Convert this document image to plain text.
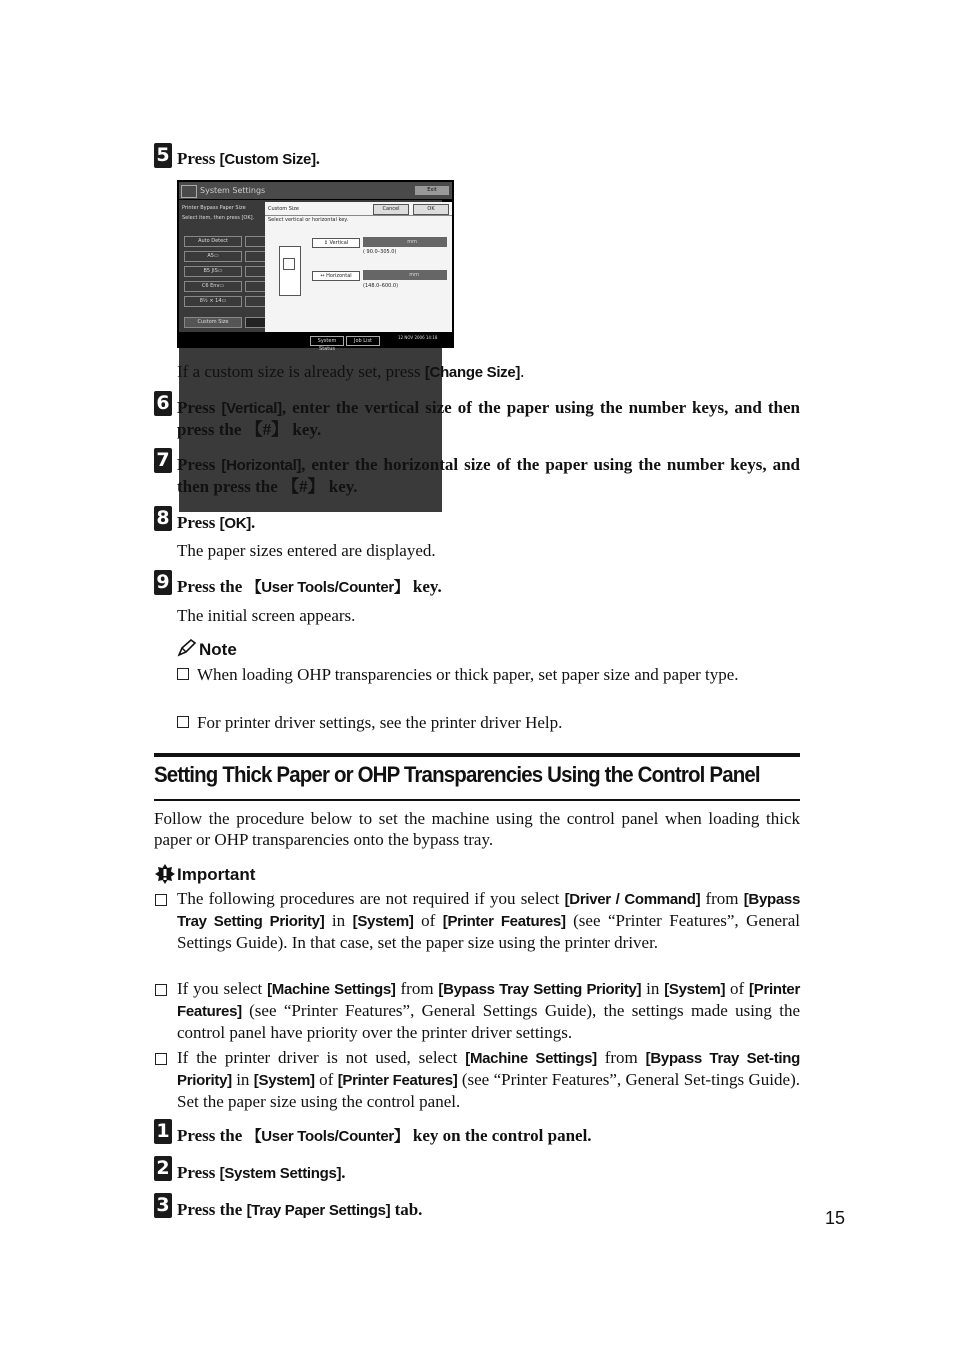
5 Press [Custom Size].
System Settings	Exit
Printer Bypass Paper Size
Select item, then press [OK].
Auto Detect
A5▭
B5 JIS▭
C6 Env▭
8½ × 14▭
Custom Size
Custom Size	Cancel	OK
Select vertical or horizontal key.
↕ Vertical	mm
( 90.0–305.0)
↔ Horizontal	mm
(148.0–600.0)
System Status
Job List
12 NOV 2006 14:18
If a custom size is already set, press [Change Size].
6 Press [Vertical], enter the vertical size of the paper using the number keys, and then press the 【#】 key.
7 Press [Horizontal], enter the horizontal size of the paper using the number keys, and then press the 【#】 key.
8 Press [OK].
The paper sizes entered are displayed.
9 Press the 【User Tools/Counter】 key.
The initial screen appears.
Note
When loading OHP transparencies or thick paper, set paper size and paper type.
For printer driver settings, see the printer driver Help.
Setting Thick Paper or OHP Transparencies Using the Control Panel
Follow the procedure below to set the machine using the control panel when loading thick paper or OHP transparencies onto the bypass tray.
Important
The following procedures are not required if you select [Driver / Command] from [Bypass Tray Setting Priority] in [System] of [Printer Features] (see “Printer Features”, General Settings Guide). In that case, set the paper size using the printer driver.
If you select [Machine Settings] from [Bypass Tray Setting Priority] in [System] of [Printer Features] (see “Printer Features”, General Settings Guide), the settings made using the control panel have priority over the printer driver settings.
If the printer driver is not used, select [Machine Settings] from [Bypass Tray Set-ting Priority] in [System] of [Printer Features] (see “Printer Features”, General Set-tings Guide). Set the paper size using the control panel.
1 Press the 【User Tools/Counter】 key on the control panel.
2 Press [System Settings].
3 Press the [Tray Paper Settings] tab.	15
